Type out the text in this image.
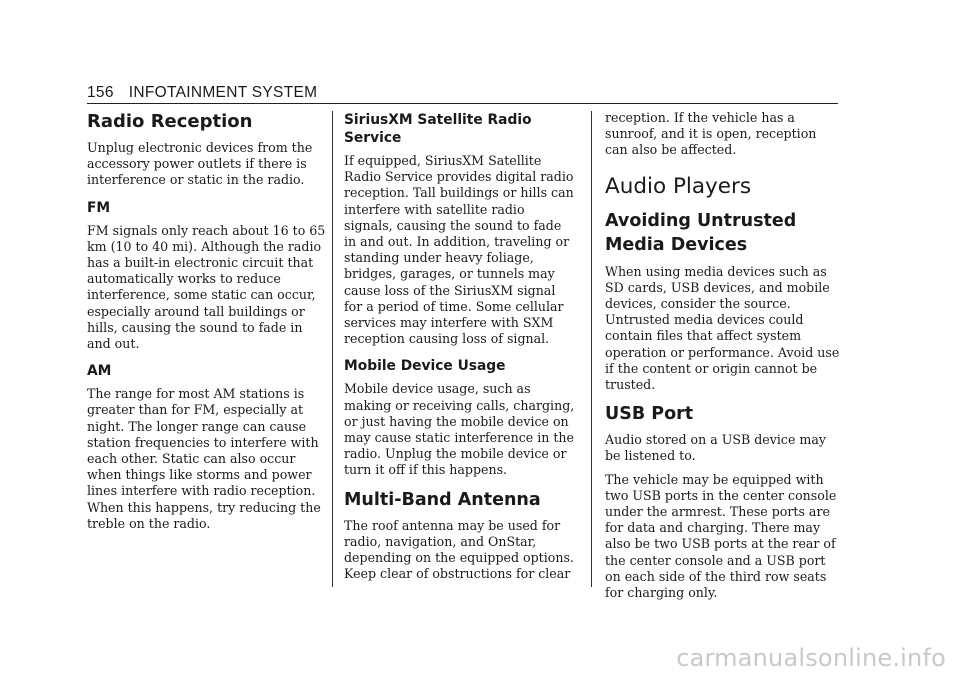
156 INFOTAINMENT SYSTEM
Radio Reception

Unplug electronic devices from the accessory power outlets if there is interference or static in the radio.

FM

FM signals only reach about 16 to 65 km (10 to 40 mi). Although the radio has a built-in electronic circuit that automatically works to reduce interference, some static can occur, especially around tall buildings or hills, causing the sound to fade in and out.

AM

The range for most AM stations is greater than for FM, especially at night. The longer range can cause station frequencies to interfere with each other. Static can also occur when things like storms and power lines interfere with radio reception. When this happens, try reducing the treble on the radio.

SiriusXM Satellite Radio Service

If equipped, SiriusXM Satellite Radio Service provides digital radio reception. Tall buildings or hills can interfere with satellite radio signals, causing the sound to fade in and out. In addition, traveling or standing under heavy foliage, bridges, garages, or tunnels may cause loss of the SiriusXM signal for a period of time. Some cellular services may interfere with SXM reception causing loss of signal.

Mobile Device Usage

Mobile device usage, such as making or receiving calls, charging, or just having the mobile device on may cause static interference in the radio. Unplug the mobile device or turn it off if this happens.

Multi-Band Antenna

The roof antenna may be used for radio, navigation, and OnStar, depending on the equipped options. Keep clear of obstructions for clear

reception. If the vehicle has a sunroof, and it is open, reception can also be affected.

Audio Players
Avoiding Untrusted Media Devices

When using media devices such as SD cards, USB devices, and mobile devices, consider the source. Untrusted media devices could contain files that affect system operation or performance. Avoid use if the content or origin cannot be trusted.

USB Port

Audio stored on a USB device may be listened to.

The vehicle may be equipped with two USB ports in the center console under the armrest. These ports are for data and charging. There may also be two USB ports at the rear of the center console and a USB port on each side of the third row seats for charging only.

carmanualsonline.info
